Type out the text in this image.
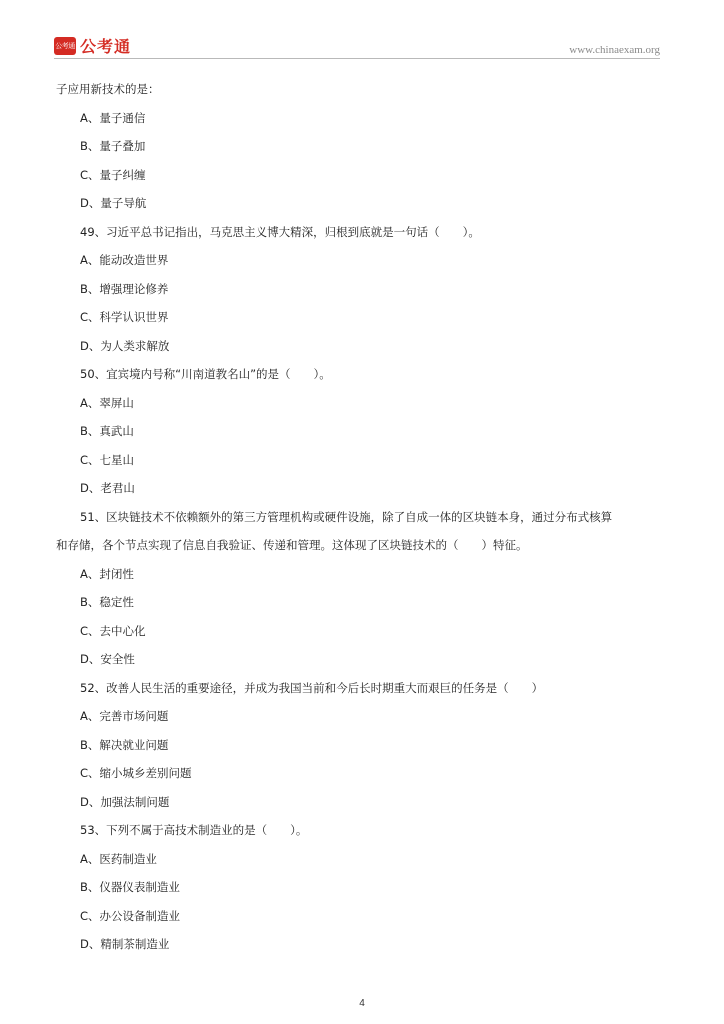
公考通 公考通	www.chinaexam.org
子应用新技术的是：
A、量子通信
B、量子叠加
C、量子纠缠
D、量子导航
49、习近平总书记指出，马克思主义博大精深，归根到底就是一句话（　　）。
A、能动改造世界
B、增强理论修养
C、科学认识世界
D、为人类求解放
50、宜宾境内号称“川南道教名山”的是（　　）。
A、翠屏山
B、真武山
C、七星山
D、老君山
51、区块链技术不依赖额外的第三方管理机构或硬件设施，除了自成一体的区块链本身，通过分布式核算
和存储，各个节点实现了信息自我验证、传递和管理。这体现了区块链技术的（　　）特征。
A、封闭性
B、稳定性
C、去中心化
D、安全性
52、改善人民生活的重要途径，并成为我国当前和今后长时期重大而艰巨的任务是（　　）
A、完善市场问题
B、解决就业问题
C、缩小城乡差别问题
D、加强法制问题
53、下列不属于高技术制造业的是（　　）。
A、医药制造业
B、仪器仪表制造业
C、办公设备制造业
D、精制茶制造业
4
